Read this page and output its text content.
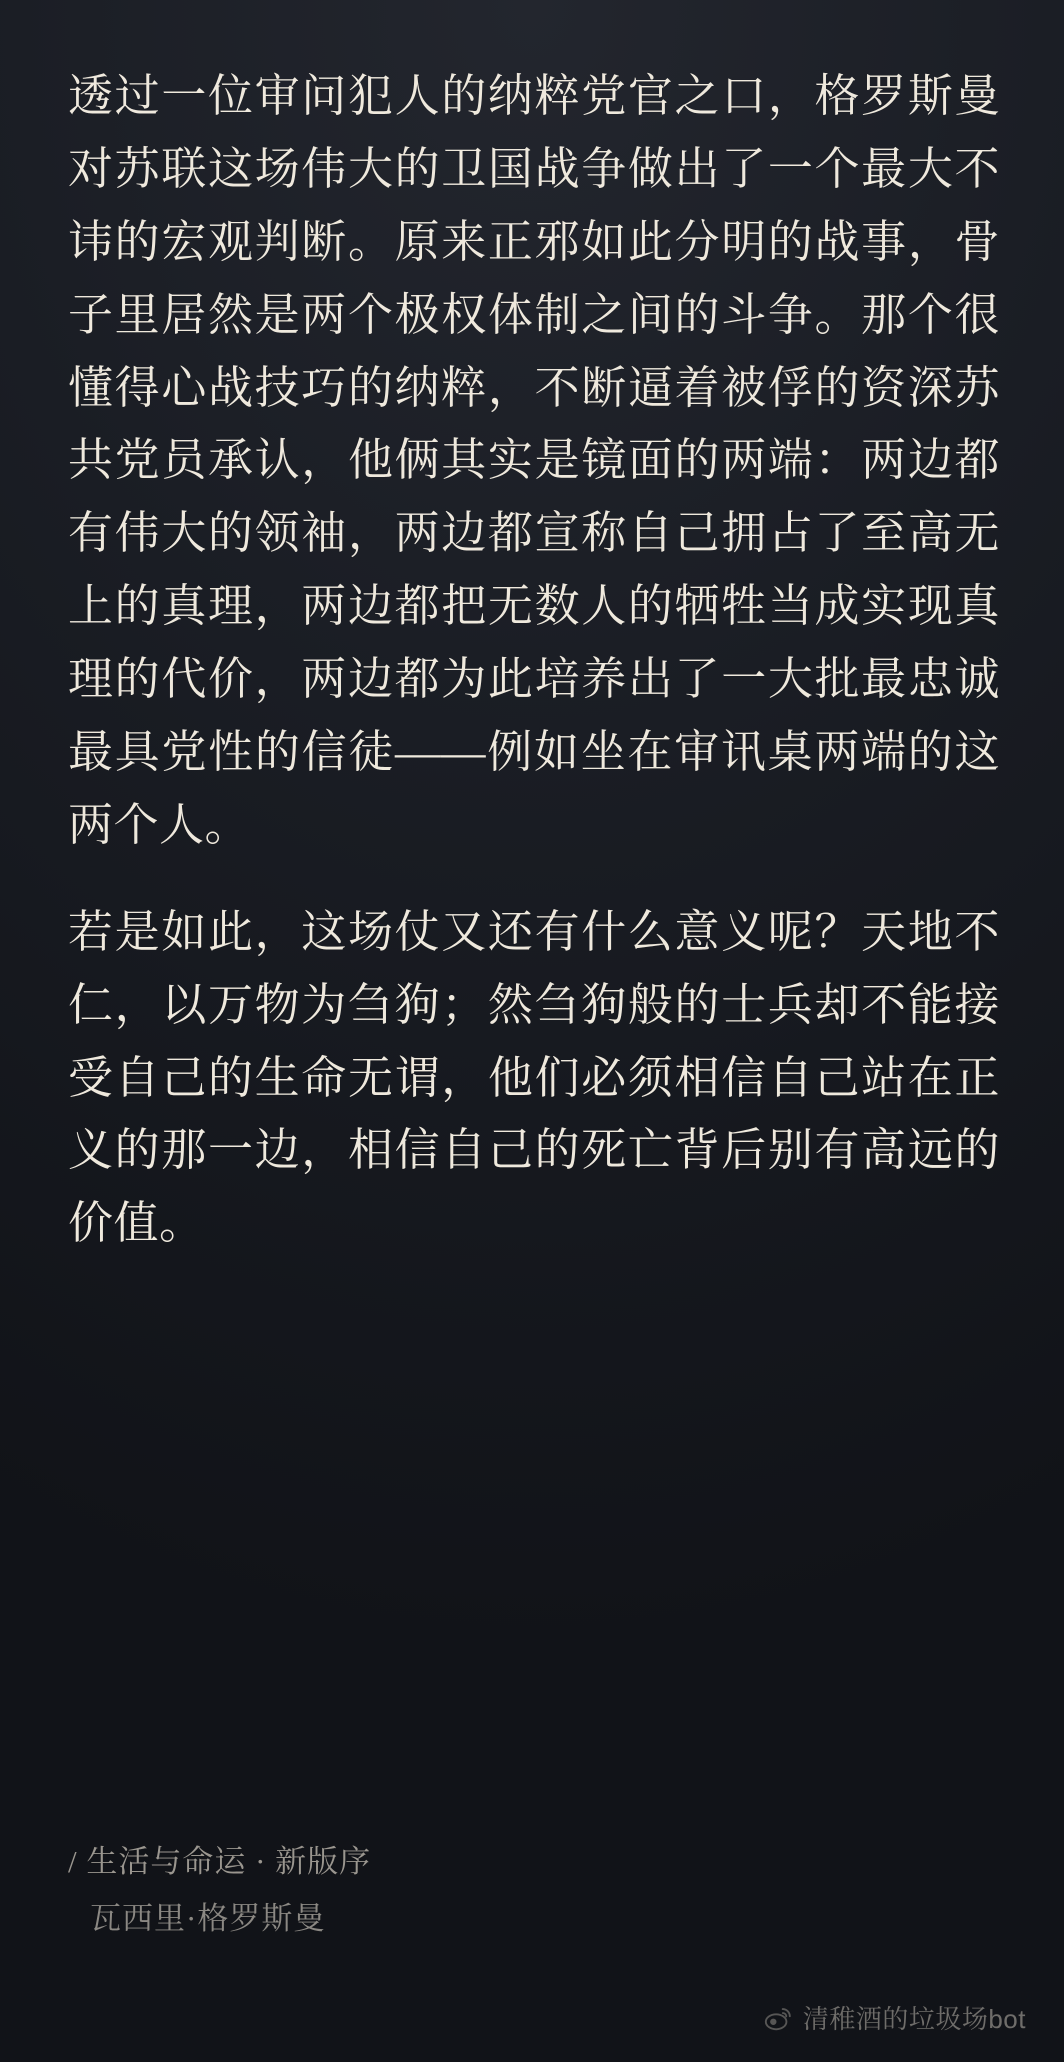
透过一位审问犯人的纳粹党官之口，格罗斯曼对苏联这场伟大的卫国战争做出了一个最大不讳的宏观判断。原来正邪如此分明的战事，骨子里居然是两个极权体制之间的斗争。那个很懂得心战技巧的纳粹，不断逼着被俘的资深苏共党员承认，他俩其实是镜面的两端：两边都有伟大的领袖，两边都宣称自己拥占了至高无上的真理，两边都把无数人的牺牲当成实现真理的代价，两边都为此培养出了一大批最忠诚最具党性的信徒——例如坐在审讯桌两端的这两个人。

若是如此，这场仗又还有什么意义呢？天地不仁，以万物为刍狗；然刍狗般的士兵却不能接受自己的生命无谓，他们必须相信自己站在正义的那一边，相信自己的死亡背后别有高远的价值。

/ 生活与命运 · 新版序

瓦西里·格罗斯曼

清稚酒的垃圾场bot
